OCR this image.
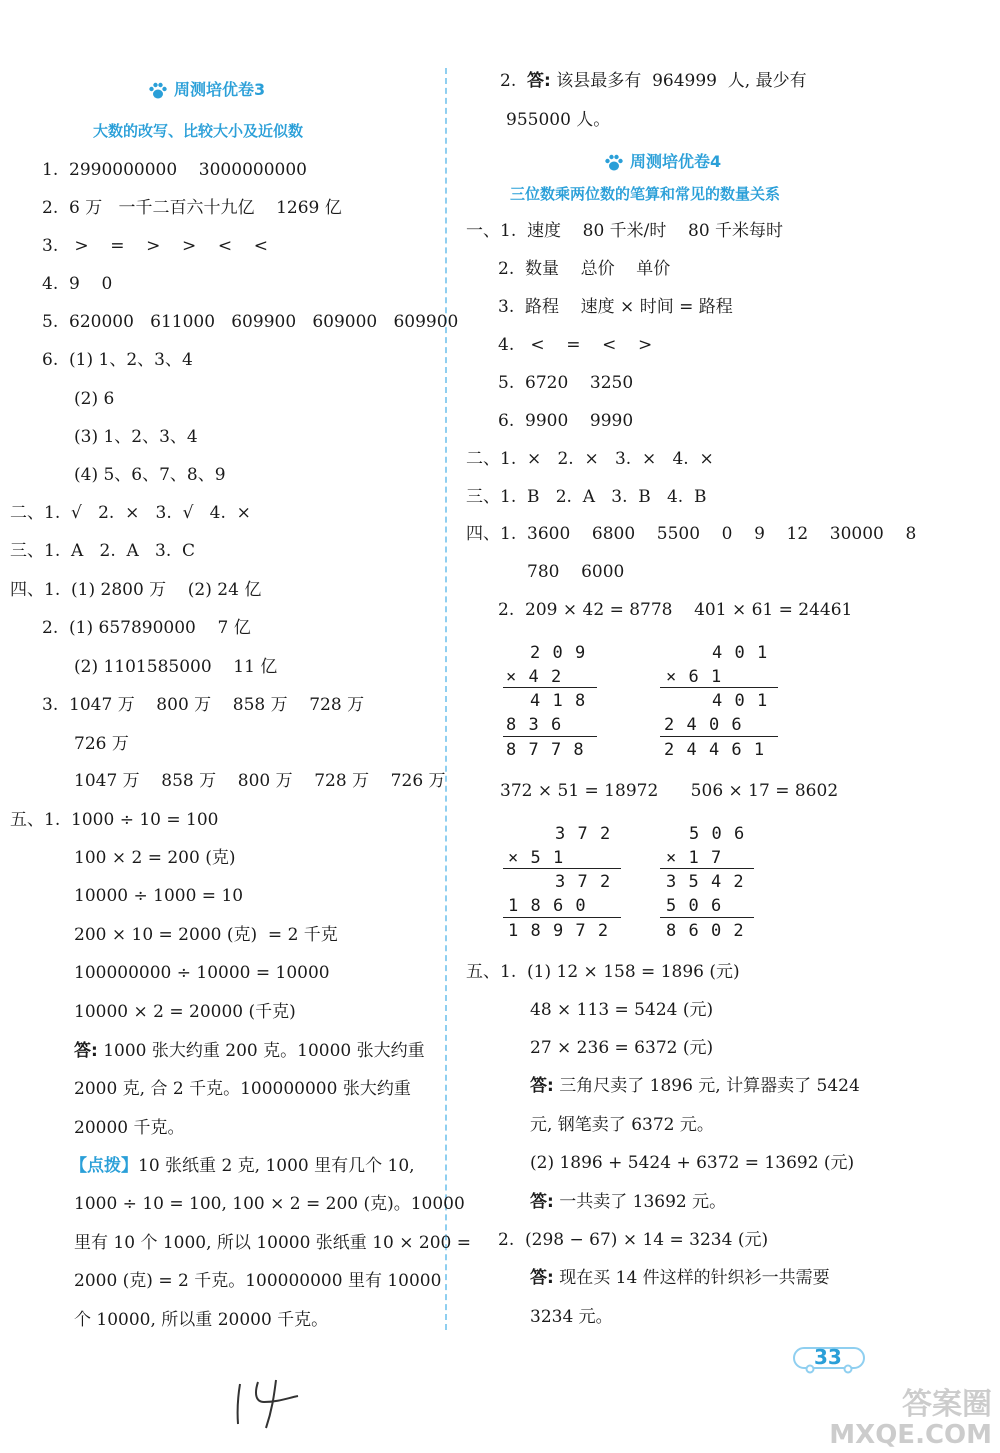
周测培优卷3
大数的改写、比较大小及近似数
1.  2990000000    3000000000
2.  6 万   一千二百六十九亿    1269 亿
3.   >    =    >    >    <    <
4.  9    0
5.  620000   611000   609900   609000   609900
6.  (1) 1、2、3、4
(2) 6
(3) 1、2、3、4
(4) 5、6、7、8、9
二、1.  √   2.  ×   3.  √   4.  ×
三、1.  A   2.  A   3.  C
四、1.  (1) 2800 万    (2) 24 亿
2.  (1) 657890000    7 亿
(2) 1101585000    11 亿
3.  1047 万    800 万    858 万    728 万
726 万
1047 万    858 万    800 万    728 万    726 万
五、1.  1000 ÷ 10 = 100
100 × 2 = 200 (克)
10000 ÷ 1000 = 10
200 × 10 = 2000 (克)  = 2 千克
100000000 ÷ 10000 = 10000
10000 × 2 = 20000 (千克)
答: 1000 张大约重 200 克。10000 张大约重
2000 克, 合 2 千克。100000000 张大约重
20000 千克。
【点拨】10 张纸重 2 克, 1000 里有几个 10,
1000 ÷ 10 = 100, 100 × 2 = 200 (克)。10000
里有 10 个 1000, 所以 10000 张纸重 10 × 200 =
2000 (克) = 2 千克。100000000 里有 10000
个 10000, 所以重 20000 千克。
2. 答: 该县最多有  964999  人, 最少有
955000 人。
周测培优卷4
三位数乘两位数的笔算和常见的数量关系
一、1.  速度    80 千米/时    80 千米每时
2.  数量    总价    单价
3.  路程    速度 × 时间 = 路程
4.   <    =    <    >
5.  6720    3250
6.  9900    9990
二、1.  ×   2.  ×   3.  ×   4.  ×
三、1.  B   2.  A   3.  B   4.  B
四、1.  3600    6800    5500    0    9    12    30000    8
780    6000
2.  209 × 42 = 8778    401 × 61 = 24461
2 0 9
× 4 2
4 1 8
8 3 6
8 7 7 8
4 0 1
× 6 1
4 0 1
2 4 0 6
2 4 4 6 1
372 × 51 = 18972      506 × 17 = 8602
3 7 2
× 5 1
3 7 2
1 8 6 0
1 8 9 7 2
5 0 6
× 1 7
3 5 4 2
5 0 6
8 6 0 2
五、1.  (1) 12 × 158 = 1896 (元)
48 × 113 = 5424 (元)
27 × 236 = 6372 (元)
答: 三角尺卖了 1896 元, 计算器卖了 5424
元, 钢笔卖了 6372 元。
(2) 1896 + 5424 + 6372 = 13692 (元)
答: 一共卖了 13692 元。
2.  (298 − 67) × 14 = 3234 (元)
答: 现在买 14 件这样的针织衫一共需要
3234 元。
33
答案圈
MXQE.COM
